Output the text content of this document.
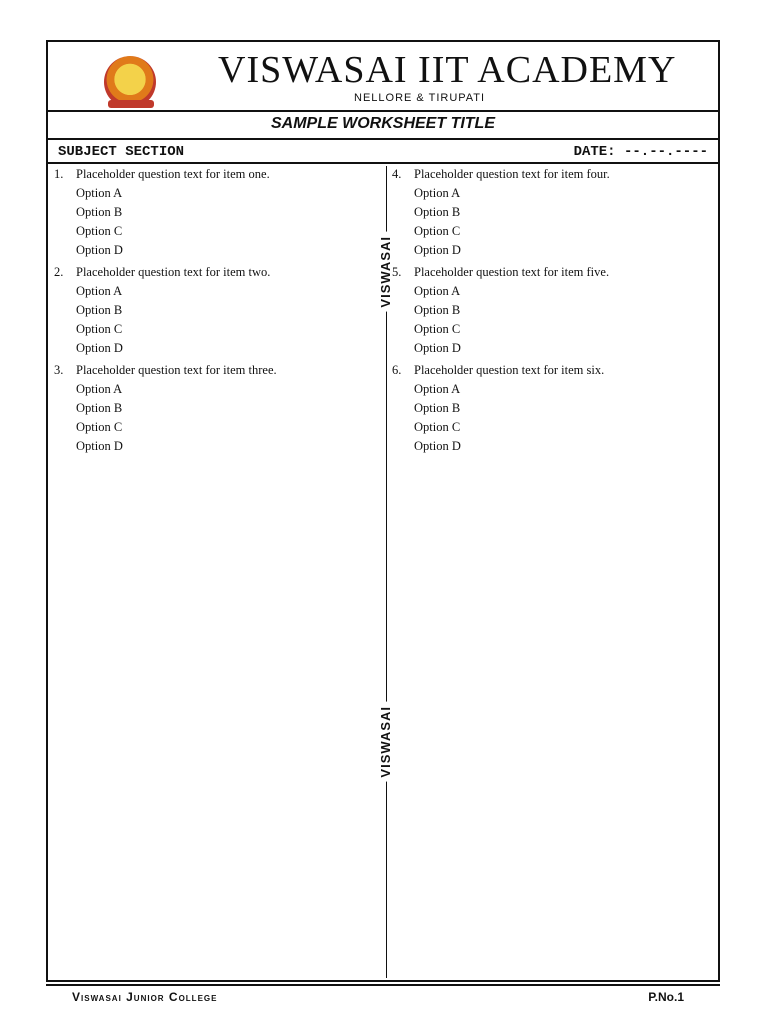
VISWASAI IIT ACADEMY
NELLORE & TIRUPATI
SAMPLE WORKSHEET TITLE
SUBJECT SECTION	DATE: --.--.----
VISWASAI
VISWASAI
1.	Placeholder question text for item one.
Option A
Option B
Option C
Option D
2.	Placeholder question text for item two.
Option A
Option B
Option C
Option D
3.	Placeholder question text for item three.
Option A
Option B
Option C
Option D
4.	Placeholder question text for item four.
Option A
Option B
Option C
Option D
5.	Placeholder question text for item five.
Option A
Option B
Option C
Option D
6.	Placeholder question text for item six.
Option A
Option B
Option C
Option D
Viswasai Junior College	P.No.1
